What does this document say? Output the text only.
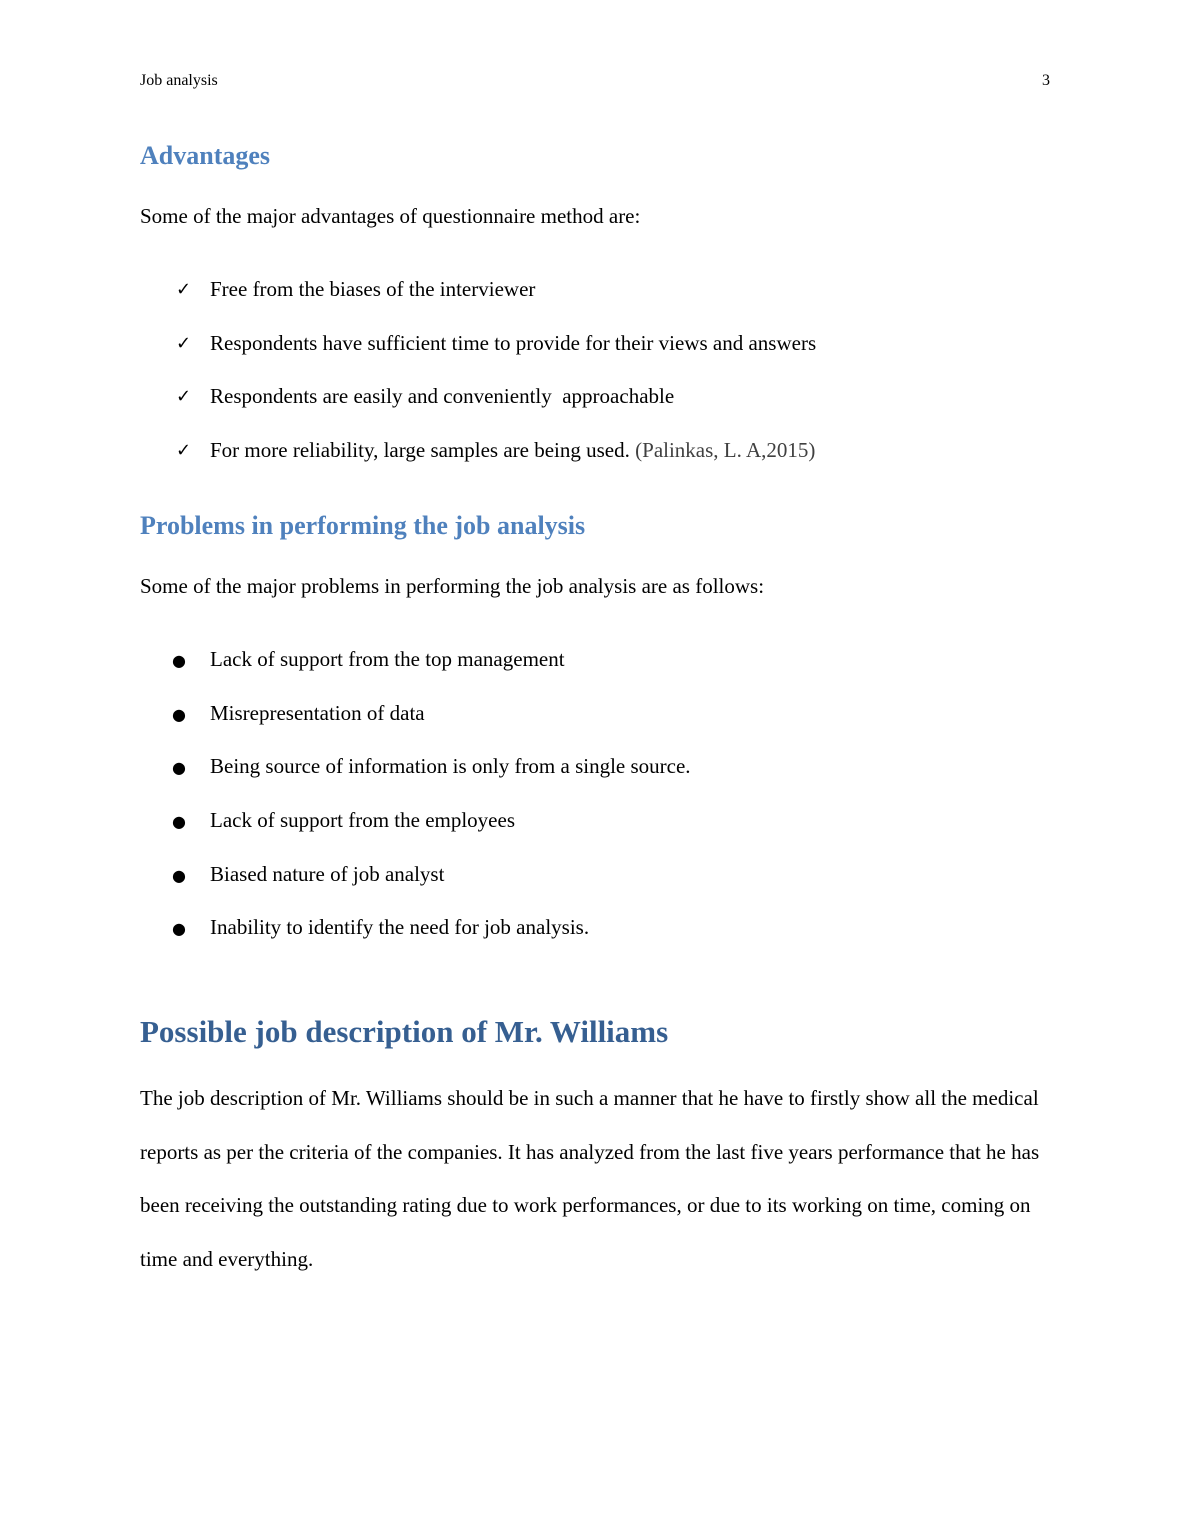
Job analysis	3
Advantages

Some of the major advantages of questionnaire method are:

✓ Free from the biases of the interviewer
✓ Respondents have sufficient time to provide for their views and answers
✓ Respondents are easily and conveniently  approachable
✓ For more reliability, large samples are being used. (Palinkas, L. A,2015)
Problems in performing the job analysis

Some of the major problems in performing the job analysis are as follows:

● Lack of support from the top management
● Misrepresentation of data
● Being source of information is only from a single source.
● Lack of support from the employees
● Biased nature of job analyst
● Inability to identify the need for job analysis.
Possible job description of Mr. Williams

The job description of Mr. Williams should be in such a manner that he have to firstly show all the medical reports as per the criteria of the companies. It has analyzed from the last five years performance that he has been receiving the outstanding rating due to work performances, or due to its working on time, coming on time and everything.
